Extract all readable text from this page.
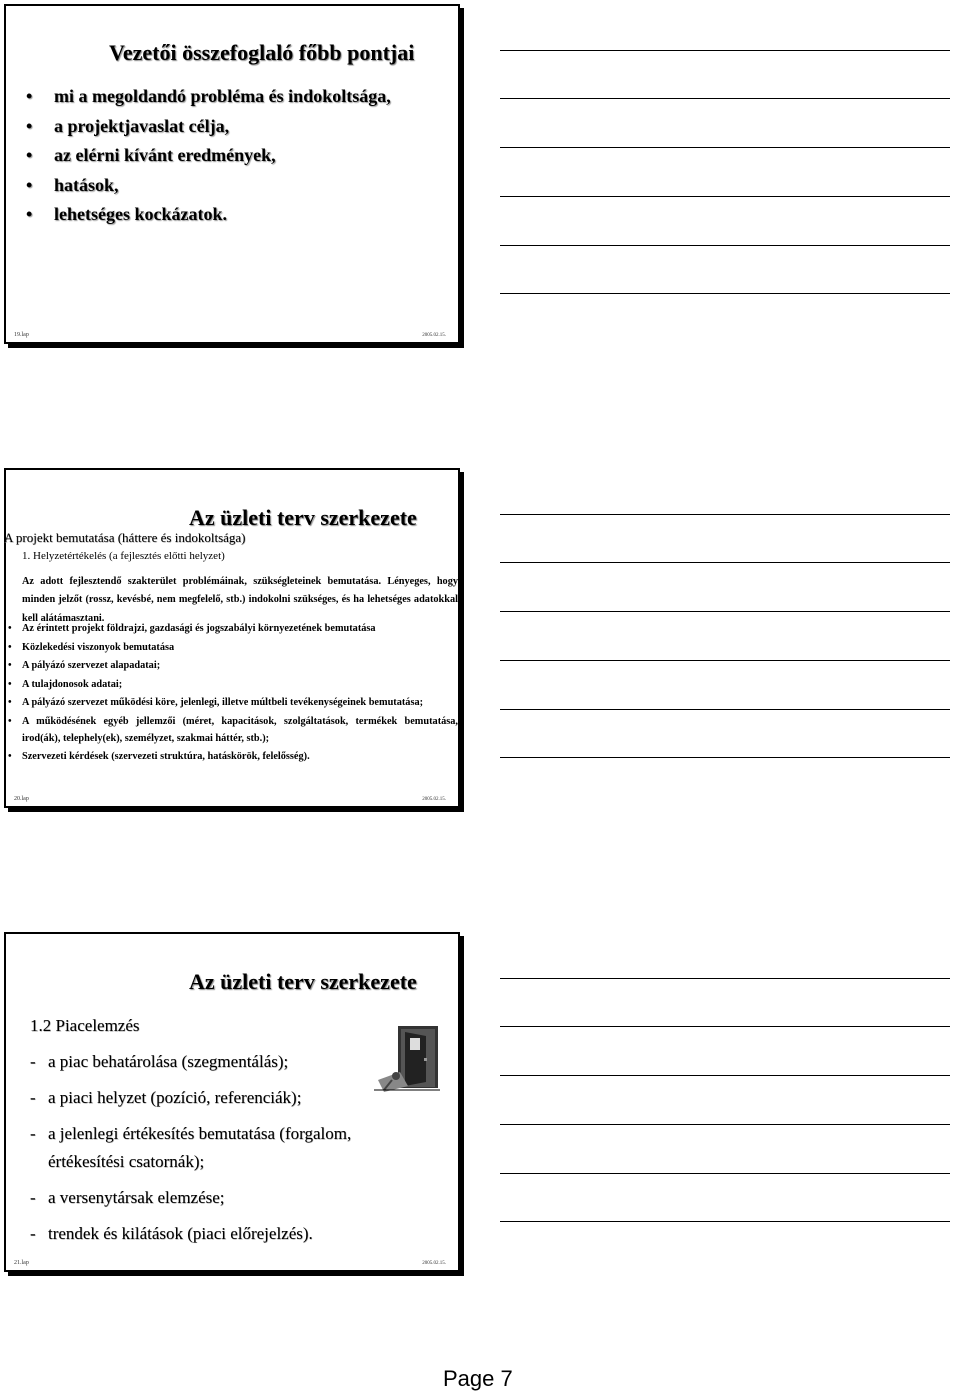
Vezetői összefoglaló főbb pontjai
• mi a megoldandó probléma és indokoltsága,
• a projektjavaslat célja,
• az elérni kívánt eredmények,
• hatások,
• lehetséges kockázatok.
19.lap	2005.02.15.
Az üzleti terv szerkezete
A projekt bemutatása (háttere és indokoltsága)
1. Helyzetértékelés (a fejlesztés előtti helyzet)
Az adott fejlesztendő szakterület problémáinak, szükségleteinek bemutatása. Lényeges, hogy minden jelzőt (rossz, kevésbé, nem megfelelő, stb.) indokolni szükséges, és ha lehetséges adatokkal kell alátámasztani.
• Az érintett projekt földrajzi, gazdasági és jogszabályi környezetének bemutatása
• Közlekedési viszonyok bemutatása
• A pályázó szervezet alapadatai;
• A tulajdonosok adatai;
• A pályázó szervezet működési köre, jelenlegi, illetve múltbeli tevékenységeinek bemutatása;
• A működésének egyéb jellemzői (méret, kapacitások, szolgáltatások, termékek bemutatása, irod(ák), telephely(ek), személyzet, szakmai háttér, stb.);
• Szervezeti kérdések (szervezeti struktúra, hatáskörök, felelősség).
20.lap	2005.02.15.
Az üzleti terv szerkezete
1.2 Piacelemzés
- a piac behatárolása (szegmentálás);
- a piaci helyzet (pozíció, referenciák);
- a jelenlegi értékesítés bemutatása (forgalom,
értékesítési csatornák);
- a versenytársak elemzése;
- trendek és kilátások (piaci előrejelzés).
21.lap	2005.02.15.
Page 7
